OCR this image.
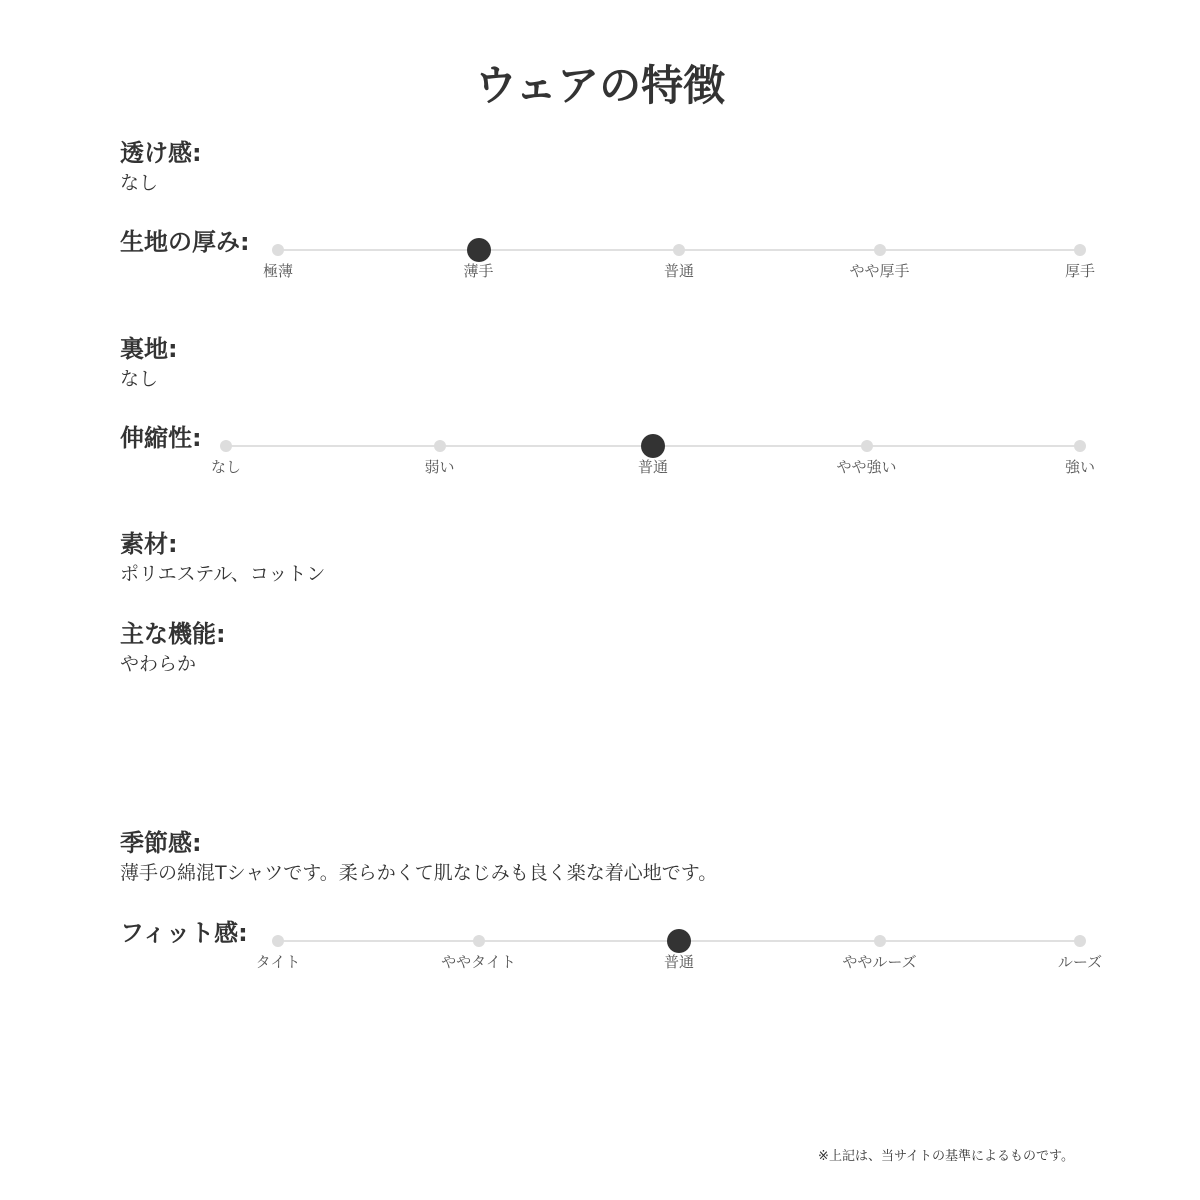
ウェアの特徴
透け感:
なし
生地の厚み:
極薄	薄手	普通	やや厚手	厚手
裏地:
なし
伸縮性:
なし	弱い	普通	やや強い	強い
素材:
ポリエステル、コットン
主な機能:
やわらか
季節感:
薄手の綿混Tシャツです。柔らかくて肌なじみも良く楽な着心地です。
フィット感:
タイト	ややタイト	普通	ややルーズ	ルーズ
※上記は、当サイトの基準によるものです。
